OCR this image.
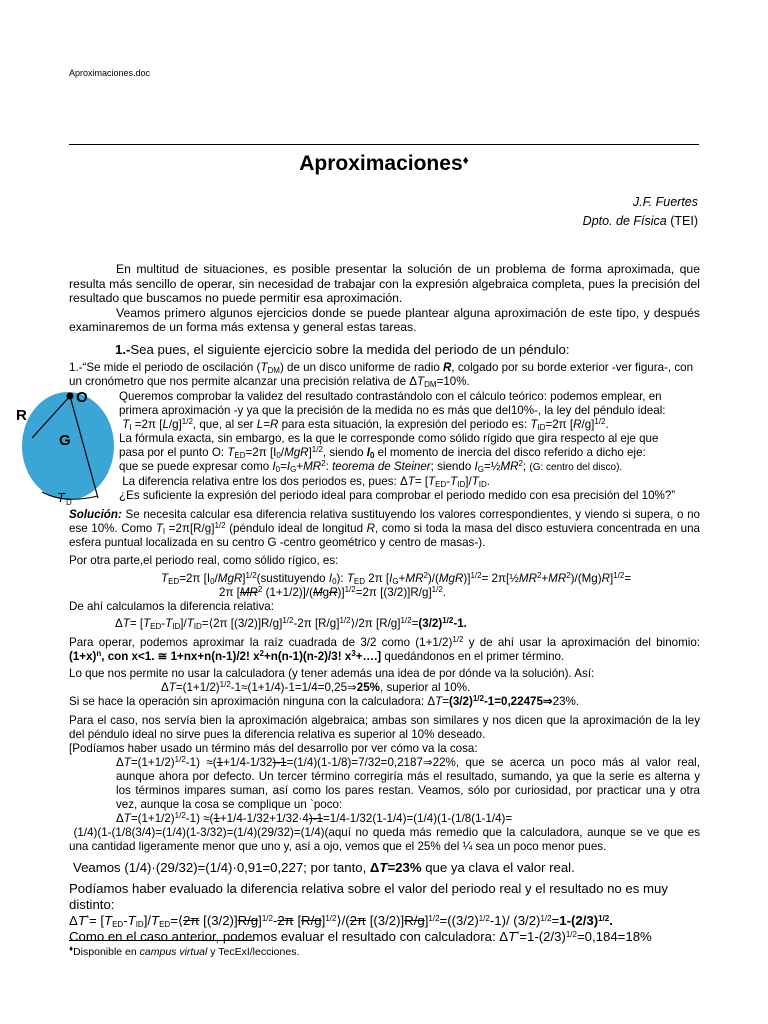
Aproximaciones.doc
Aproximaciones♦
J.F. Fuertes
Dpto. de Física (TEI)

En multitud de situaciones, es posible presentar la solución de un problema de forma aproximada, que resulta más sencillo de operar, sin necesidad de trabajar con la expresión algebraica completa, pues la precisión del resultado que buscamos no puede permitir esa aproximación.

Veamos primero algunos ejercicios donde se puede plantear alguna aproximación de este tipo, y después examinaremos de un forma más extensa y general estas tareas.

1.-Sea pues, el siguiente ejercicio sobre la medida del periodo de un péndulo:

1.-“Se mide el periodo de oscilación $(T_{DM})$ de un disco uniforme de radio R, colgado por su borde exterior -ver figura-, con un cronómetro que nos permite alcanzar una precisión relativa de $\Delta T_{DM}=10\%$.

O
R
G
T D

Queremos comprobar la validez del resultado contrastándolo con el cálculo teórico: podemos emplear, en

primera aproximación -y ya que la precisión de la medida no es más que del10%-, la ley del péndulo ideal:

$T_I =2\pi$ $[L/g]^{1/2}$, que, al ser L=R para esta situación, la expresión del periodo es: $T_{ID}=2\pi$ $[R/g]^{1/2}$.

La fórmula exacta, sin embargo, es la que le corresponde como sólido rígido que gira respecto al eje que

pasa por el punto O: $T_{ED}=2\pi$ $[I_0/MgR]^{1/2}$, siendo $I_0$ el momento de inercia del disco referido a dicho eje:

que se puede expresar como $I_0=I_G+MR^2$: teorema de Steiner; siendo $I_G=\frac{1}{2}MR^2$; (G: centro del disco).

La diferencia relativa entre los dos periodos es, pues: $\Delta T= [T_{ED}-T_{ID}]/T_{ID}$.

¿Es suficiente la expresión del periodo ideal para comprobar el periodo medido con esa precisión del 10%?”

Solución: Se necesita calcular esa diferencia relativa sustituyendo los valores correspondientes, y viendo si supera, o no ese 10%. Como $T_I =2\pi[R/g]^{1/2}$ (péndulo ideal de longitud R, como si toda la masa del disco estuviera concentrada en una esfera puntual localizada en su centro G -centro geométrico y centro de masas-).

Por otra parte,el periodo real, como sólido rígico, es:

$T_{ED}=2\pi$ $[I_0/MgR]^{1/2}(sustituyendo$ $I_0$): $T_{ED}$ 2π $[I_G+MR^2)/(MgR)]^{1/2}=$ $2\pi[\frac{1}{2}MR^2+MR^2)/(Mg)R]^{1/2}=$

2π [$MR^2$ (1+1/2)]/(MgR)]$^{1/2}$=2π [(3/2)]R/g]$^{1/2}$.

De ahí calculamos la diferencia relativa:

$\Delta T= [T_{ED}-T_{ID}]/T_{ID}=⟨2\pi$ [(3/2)]R/g]$^{1/2}$-2π $[R/g]^{1/2}⟩/2\pi$ $[R/g]^{1/2}=(3/2)^{1/2}-1$.

Para operar, podemos aproximar la raíz cuadrada de 3/2 como $(1+1/2)^{1/2}$ y de ahí usar la aproximación del binomio: $(1+x)^n$, con x<1. ≅ 1+nx+n(n-1)/2! $x^2+n(n-1)(n-2)/3$! $x^3+\dots$.] quedándonos en el primer término.

Lo que nos permite no usar la calculadora (y tener además una idea de por dónde va la solución). Así:

$\Delta T=(1+1/2)^{1/2}-1\approx(1+1/4)-1=1/4=0,25\Rightarrow 25\%$, superior al 10%.

Si se hace la operación sin aproximación ninguna con la calculadora: $\Delta T=(3/2)^{1/2}-1=0,22475\Rightarrow 23\%$.

Para el caso, nos servía bien la aproximación algebraica; ambas son similares y nos dicen que la aproximación de la ley del péndulo ideal no sirve pues la diferencia relativa es superior al 10% deseado.

[Podíamos haber usado un término más del desarrollo por ver cómo va la cosa:

$\Delta T=(1+1/2)^{1/2}-1$) ≈(1+1/4-1/32)-1=(1/4)(1-1/8)=7/32=0,2187⇒22%, que se acerca un poco más al valor real, aunque ahora por defecto. Un tercer término corregiría más el resultado, sumando, ya que la serie es alterna y los términos impares suman, así como los pares restan. Veamos, sólo por curiosidad, por practicar una y otra vez, aunque la cosa se complique un `poco:

$\Delta T=(1+1/2)^{1/2}-1) \approx(1+1/4-1/32+1/32\cdot 4)-1=1/4-1/32(1-1/4)=(1/4)(1-(1/8(1-1/4)=$

(1/4)(1-(1/8(3/4)=(1/4)(1-3/32)=(1/4)(29/32)=(1/4)(aquí no queda más remedio que la calculadora, aunque se ve que es una cantidad ligeramente menor que uno y, así a ojo, vemos que el 25% del ¼ sea un poco menor pues.

Veamos (1/4)·(29/32)=(1/4)·0,91=0,227; por tanto, ΔT=23% que ya clava el valor real.

Podíamos haber evaluado la diferencia relativa sobre el valor del periodo real y el resultado no es muy distinto:

$\Delta T^*= [T_{ED}-T_{ID}]/T_{ED}=⟨2\pi$ [(3/2)]R/g]$^{1/2}$-2π $[R/g]^{1/2}⟩/(2\pi$ $[(3/2)]R/g]^{1/2}=((3/2)^{1/2}-1)/$ $(3/2)^{1/2}=1-(2/3)^{1/2}$.

Como en el caso anterior, podemos evaluar el resultado con calculadora: $\Delta T^*=1-(2/3)^{1/2}=0,184=18\%$

♦Disponible en campus virtual y TecExI/lecciones.
